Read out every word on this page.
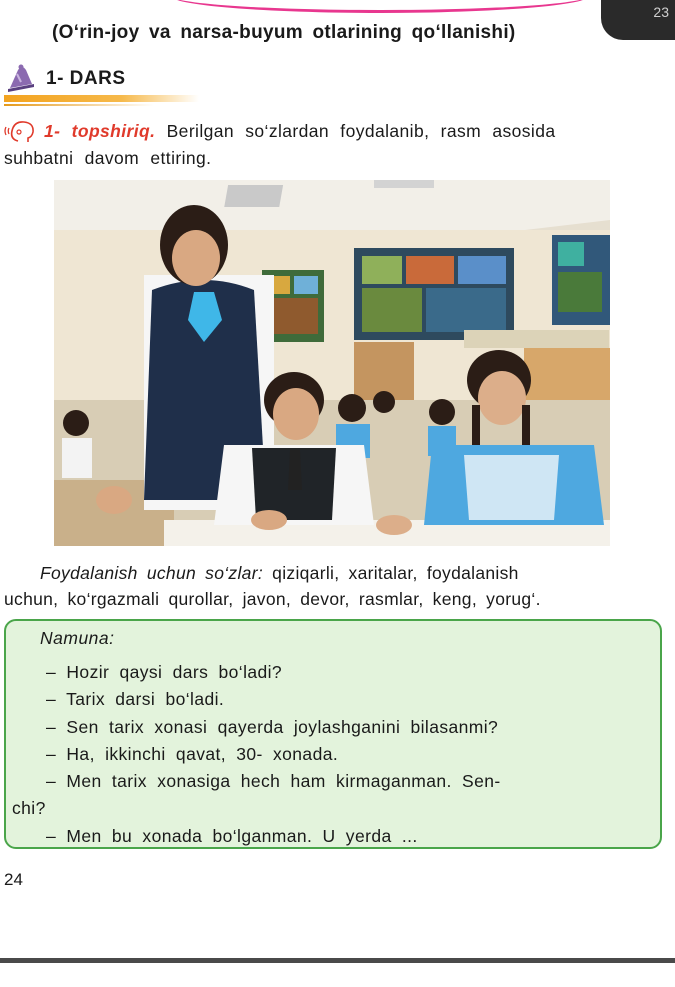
23
(O‘rin-joy va narsa-buyum otlarining qo‘llanishi)
1- DARS
1- topshiriq. Berilgan so‘zlardan foydalanib, rasm asosida
suhbatni davom ettiring.
Foydalanish uchun so‘zlar: qiziqarli, xaritalar, foydalanish
uchun, ko‘rgazmali qurollar, javon, devor, rasmlar, keng, yorug‘.
Namuna:
– Hozir qaysi dars bo‘ladi?
– Tarix darsi bo‘ladi.
– Sen tarix xonasi qayerda joylashganini bilasanmi?
– Ha, ikkinchi qavat, 30- xonada.
– Men tarix xonasiga hech ham kirmaganman. Sen-
chi?
– Men bu xonada bo‘lganman. U yerda ...
24
